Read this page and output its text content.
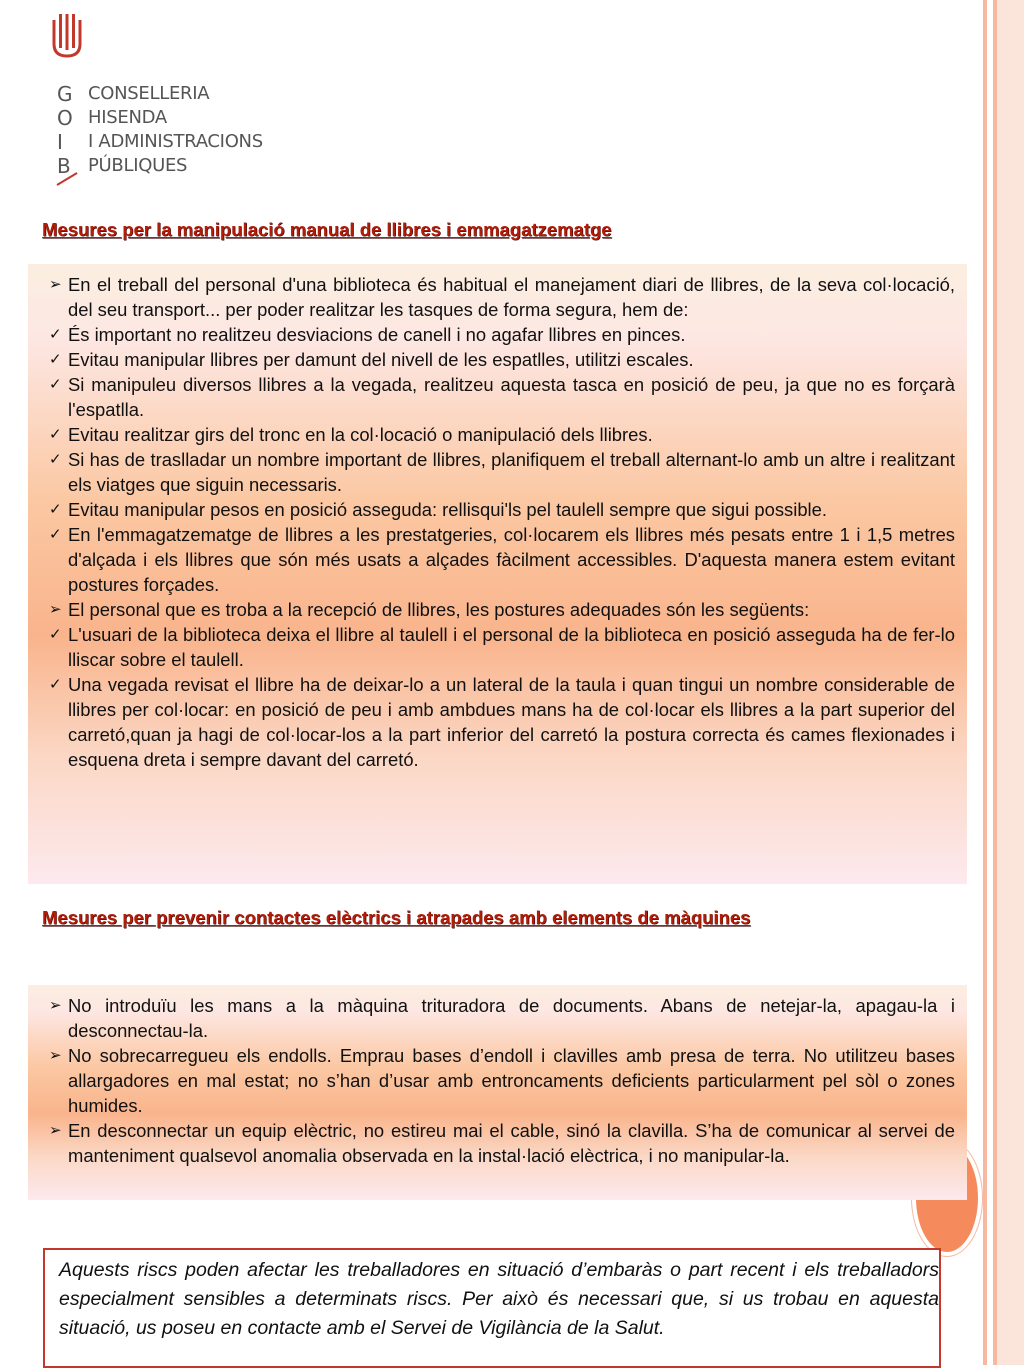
G
O
I
B
CONSELLERIA
HISENDA
I ADMINISTRACIONS
PÚBLIQUES
Mesures per la manipulació manual de llibres i emmagatzematge
➢ En el treball del personal d'una biblioteca és habitual el manejament diari de llibres, de la seva col·locació, del seu transport... per poder realitzar les tasques de forma segura, hem de:
✓ És important no realitzeu desviacions de canell i no agafar llibres en pinces.
✓ Evitau manipular llibres per damunt del nivell de les espatlles, utilitzi escales.
✓ Si manipuleu diversos llibres a la vegada, realitzeu aquesta tasca en posició de peu, ja que no es forçarà l'espatlla.
✓ Evitau realitzar girs del tronc en la col·locació o manipulació dels llibres.
✓ Si has de traslladar un nombre important de llibres, planifiquem el treball alternant-lo amb un altre i realitzant els viatges que siguin necessaris.
✓ Evitau manipular pesos en posició asseguda: rellisqui'ls pel taulell sempre que sigui possible.
✓ En l'emmagatzematge de llibres a les prestatgeries, col·locarem els llibres més pesats entre 1 i 1,5 metres d'alçada i els llibres que són més usats a alçades fàcilment accessibles. D'aquesta manera estem evitant postures forçades.
➢ El personal que es troba a la recepció de llibres, les postures adequades són les següents:
✓ L'usuari de la biblioteca deixa el llibre al taulell i el personal de la biblioteca en posició asseguda ha de fer-lo lliscar sobre el taulell.
✓ Una vegada revisat el llibre ha de deixar-lo a un lateral de la taula i quan tingui un nombre considerable de llibres per col·locar: en posició de peu i amb ambdues mans ha de col·locar els llibres a la part superior del carretó,quan ja hagi de col·locar-los a la part inferior del carretó la postura correcta és cames flexionades i esquena dreta i sempre davant del carretó.
Mesures per prevenir contactes elèctrics i atrapades amb elements de màquines
➢ No introduïu les mans a la màquina trituradora de documents. Abans de netejar-la, apagau-la i desconnectau-la.
➢ No sobrecarregueu els endolls. Emprau bases d’endoll i clavilles amb presa de terra. No utilitzeu bases allargadores en mal estat; no s’han d’usar amb entroncaments deficients particularment pel sòl o zones humides.
➢ En desconnectar un equip elèctric, no estireu mai el cable, sinó la clavilla. S’ha de comunicar al servei de manteniment qualsevol anomalia observada en la instal·lació elèctrica, i no manipular-la.
Aquests riscs poden afectar les treballadores en situació d’embaràs o part recent i els treballadors especialment sensibles a determinats riscs. Per això és necessari que, si us trobau en aquesta situació, us poseu en contacte amb el Servei de Vigilància de la Salut.
